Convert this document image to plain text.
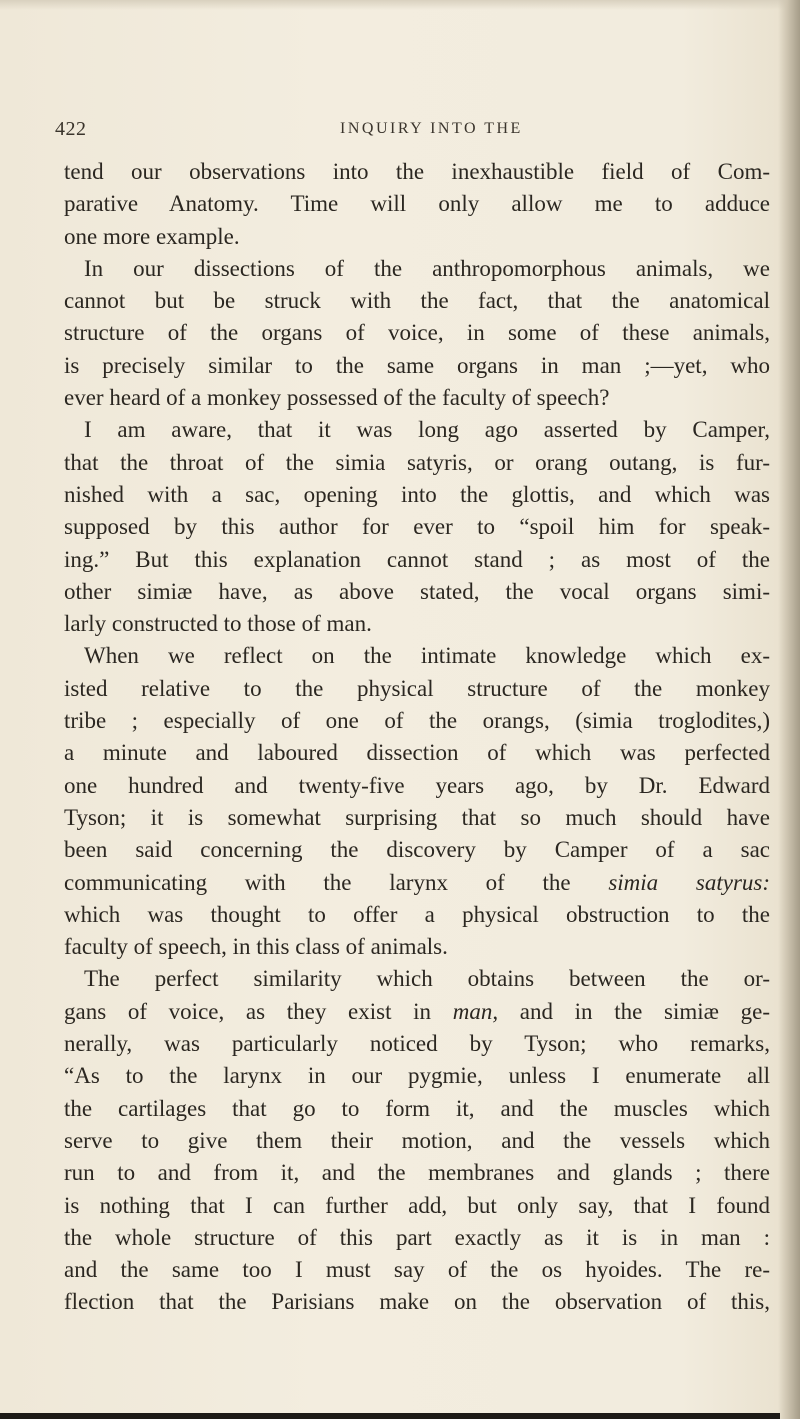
422	INQUIRY INTO THE
tend our observations into the inexhaustible field of Com-
parative Anatomy. Time will only allow me to adduce
one more example.
In our dissections of the anthropomorphous animals, we
cannot but be struck with the fact, that the anatomical
structure of the organs of voice, in some of these animals,
is precisely similar to the same organs in man ;—yet, who
ever heard of a monkey possessed of the faculty of speech?
I am aware, that it was long ago asserted by Camper,
that the throat of the simia satyris, or orang outang, is fur-
nished with a sac, opening into the glottis, and which was
supposed by this author for ever to “spoil him for speak-
ing.” But this explanation cannot stand ; as most of the
other simiæ have, as above stated, the vocal organs simi-
larly constructed to those of man.
When we reflect on the intimate knowledge which ex-
isted relative to the physical structure of the monkey
tribe ; especially of one of the orangs, (simia troglodites,)
a minute and laboured dissection of which was perfected
one hundred and twenty-five years ago, by Dr. Edward
Tyson; it is somewhat surprising that so much should have
been said concerning the discovery by Camper of a sac
communicating with the larynx of the simia satyrus:
which was thought to offer a physical obstruction to the
faculty of speech, in this class of animals.
The perfect similarity which obtains between the or-
gans of voice, as they exist in man, and in the simiæ ge-
nerally, was particularly noticed by Tyson; who remarks,
“As to the larynx in our pygmie, unless I enumerate all
the cartilages that go to form it, and the muscles which
serve to give them their motion, and the vessels which
run to and from it, and the membranes and glands ; there
is nothing that I can further add, but only say, that I found
the whole structure of this part exactly as it is in man :
and the same too I must say of the os hyoides. The re-
flection that the Parisians make on the observation of this,
